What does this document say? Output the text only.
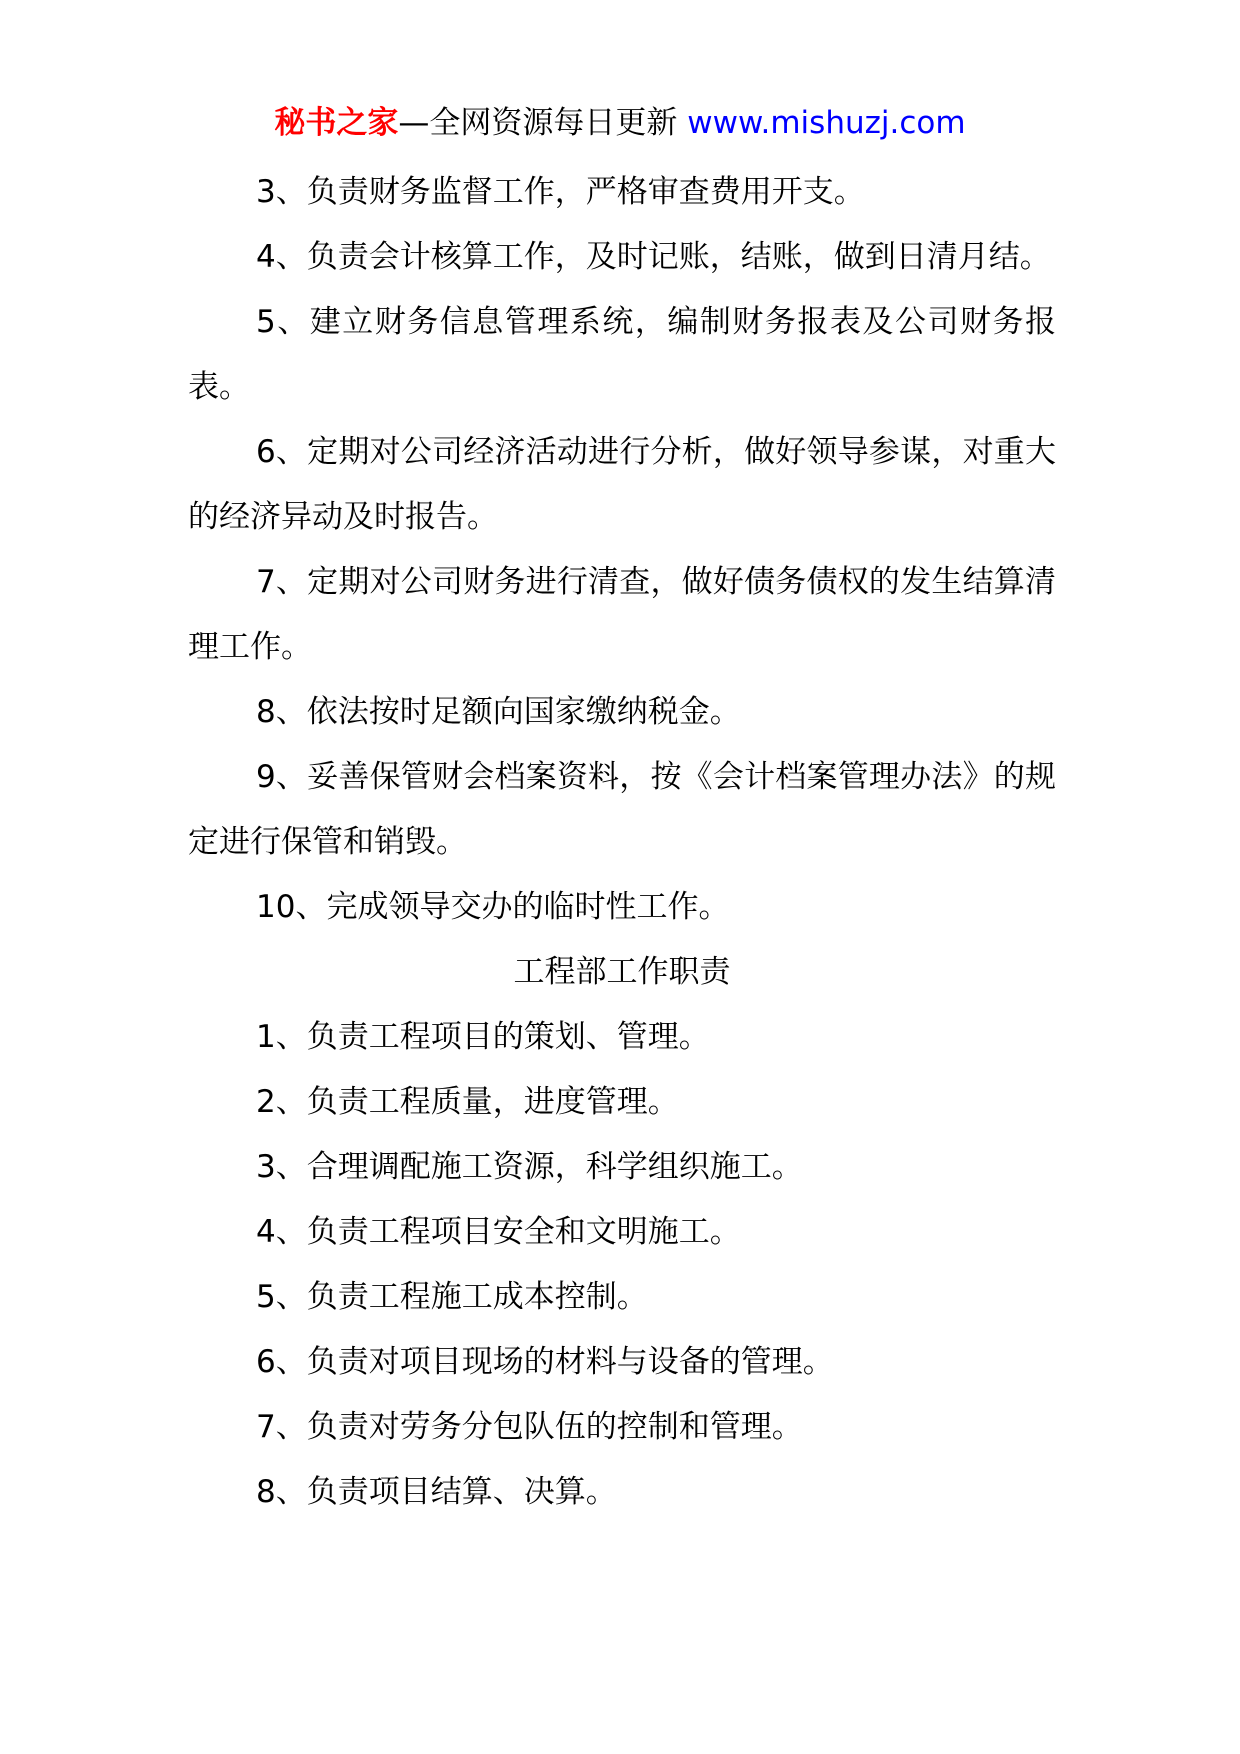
秘书之家—全网资源每日更新 www.mishuzj.com

3、负责财务监督工作，严格审查费用开支。

4、负责会计核算工作，及时记账，结账，做到日清月结。

5、建立财务信息管理系统，编制财务报表及公司财务报表。

6、定期对公司经济活动进行分析，做好领导参谋，对重大的经济异动及时报告。

7、定期对公司财务进行清查，做好债务债权的发生结算清理工作。

8、依法按时足额向国家缴纳税金。

9、妥善保管财会档案资料，按《会计档案管理办法》的规定进行保管和销毁。

10、完成领导交办的临时性工作。

工程部工作职责

1、负责工程项目的策划、管理。

2、负责工程质量，进度管理。

3、合理调配施工资源，科学组织施工。

4、负责工程项目安全和文明施工。

5、负责工程施工成本控制。

6、负责对项目现场的材料与设备的管理。

7、负责对劳务分包队伍的控制和管理。

8、负责项目结算、决算。
